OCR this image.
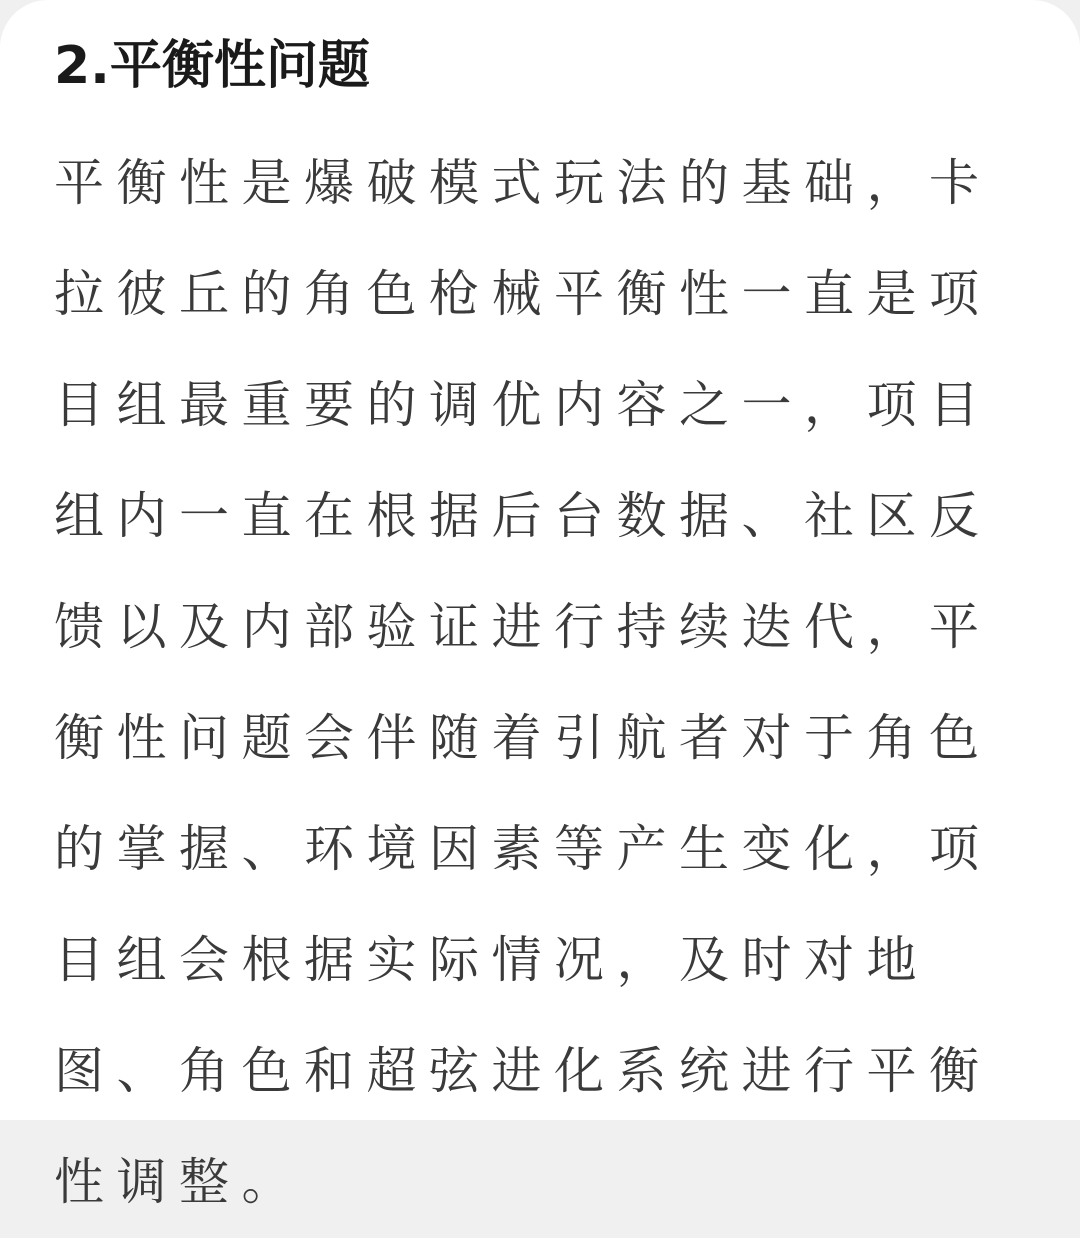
2.平衡性问题

平衡性是爆破模式玩法的基础，卡拉彼丘的角色枪械平衡性一直是项目组最重要的调优内容之一，项目组内一直在根据后台数据、社区反馈以及内部验证进行持续迭代，平衡性问题会伴随着引航者对于角色的掌握、环境因素等产生变化，项目组会根据实际情况，及时对地图、角色和超弦进化系统进行平衡性调整。
